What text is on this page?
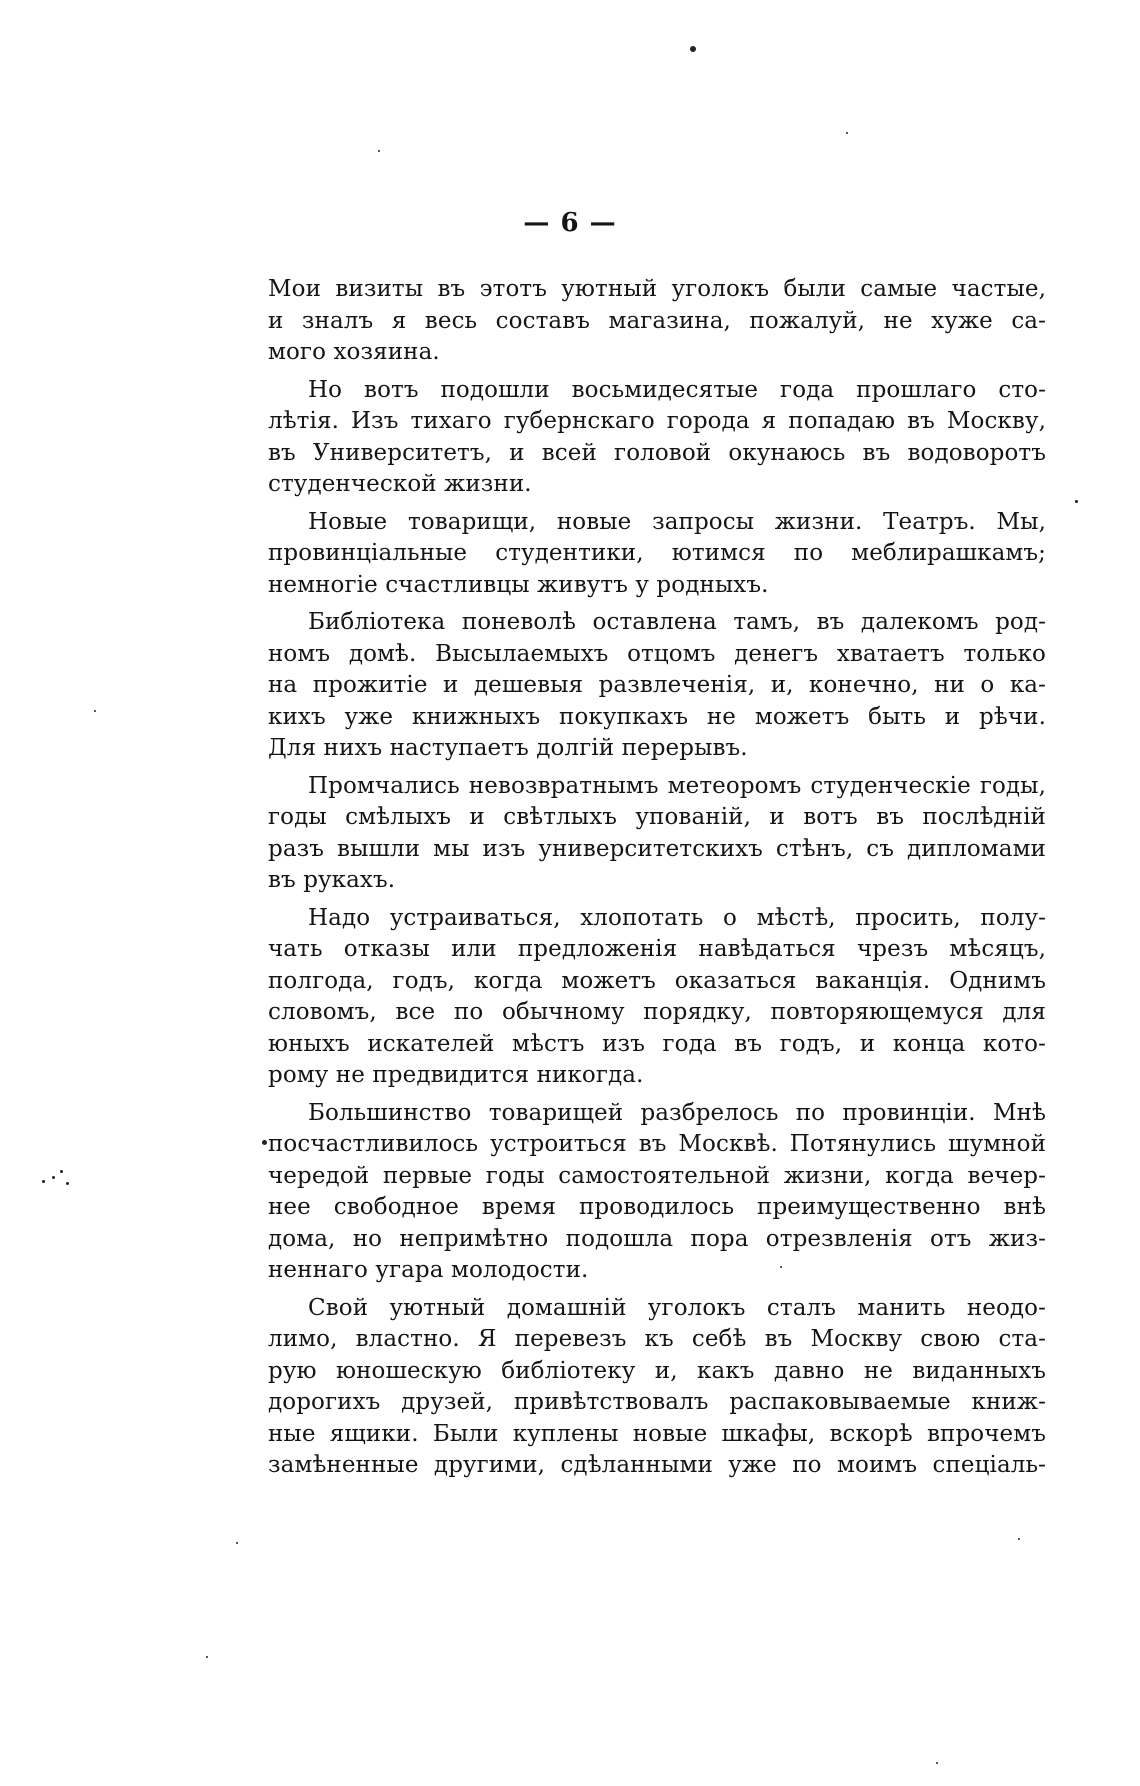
— 6 —
Мои визиты въ этотъ уютный уголокъ были самые частые,
и зналъ я весь составъ магазина, пожалуй, не хуже са-
мого хозяина.
Но вотъ подошли восьмидесятые года прошлаго сто-
лѣтія. Изъ тихаго губернскаго города я попадаю въ Москву,
въ Университетъ, и всей головой окунаюсь въ водоворотъ
студенческой жизни.
Новые товарищи, новые запросы жизни. Театръ. Мы,
провинціальные студентики, ютимся по меблирашкамъ;
немногіе счастливцы живутъ у родныхъ.
Библіотека поневолѣ оставлена тамъ, въ далекомъ род-
номъ домѣ. Высылаемыхъ отцомъ денегъ хватаетъ только
на прожитіе и дешевыя развлеченія, и, конечно, ни о ка-
кихъ уже книжныхъ покупкахъ не можетъ быть и рѣчи.
Для нихъ наступаетъ долгій перерывъ.
Промчались невозвратнымъ метеоромъ студенческіе годы,
годы смѣлыхъ и свѣтлыхъ упованій, и вотъ въ послѣдній
разъ вышли мы изъ университетскихъ стѣнъ, съ дипломами
въ рукахъ.
Надо устраиваться, хлопотать о мѣстѣ, просить, полу-
чать отказы или предложенія навѣдаться чрезъ мѣсяцъ,
полгода, годъ, когда можетъ оказаться ваканція. Однимъ
словомъ, все по обычному порядку, повторяющемуся для
юныхъ искателей мѣстъ изъ года въ годъ, и конца кото-
рому не предвидится никогда.
Большинство товарищей разбрелось по провинціи. Мнѣ
посчастливилось устроиться въ Москвѣ. Потянулись шумной
чередой первые годы самостоятельной жизни, когда вечер-
нее свободное время проводилось преимущественно внѣ
дома, но непримѣтно подошла пора отрезвленія отъ жиз-
неннаго угара молодости.
Свой уютный домашній уголокъ сталъ манить неодо-
лимо, властно. Я перевезъ къ себѣ въ Москву свою ста-
рую юношескую библіотеку и, какъ давно не виданныхъ
дорогихъ друзей, привѣтствовалъ распаковываемые книж-
ные ящики. Были куплены новые шкафы, вскорѣ впрочемъ
замѣненные другими, сдѣланными уже по моимъ спеціаль-
